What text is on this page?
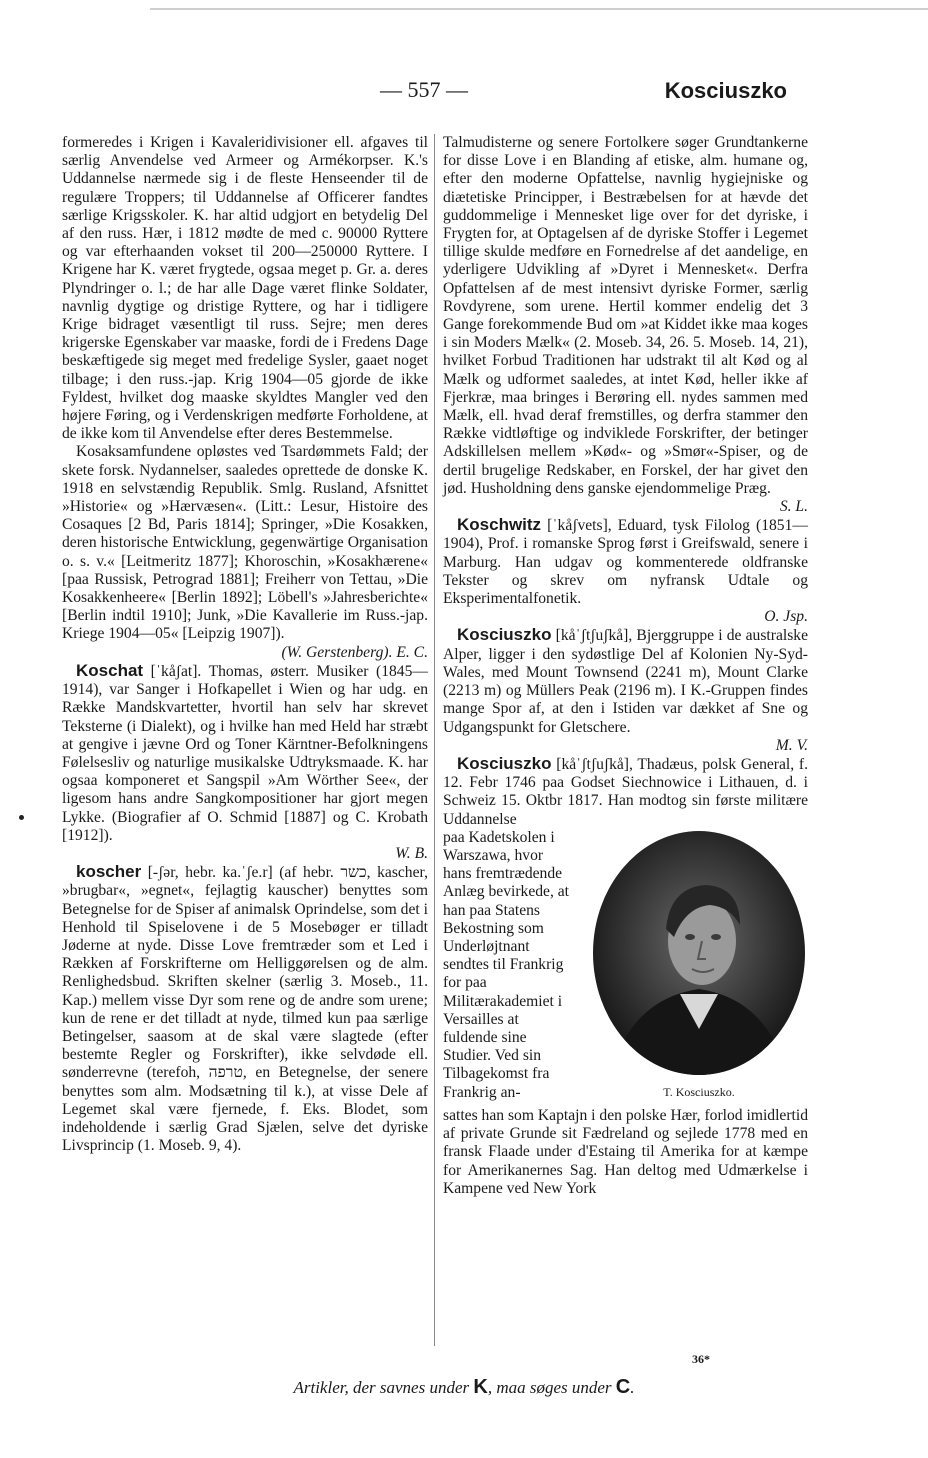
— 557 —	Kosciuszko

formeredes i Krigen i Kavaleridivisioner ell. afgaves til særlig Anvendelse ved Armeer og Armékorpser. K.'s Uddannelse nærmede sig i de fleste Henseender til de regulære Troppers; til Uddannelse af Officerer fandtes særlige Krigsskoler. K. har altid udgjort en betydelig Del af den russ. Hær, i 1812 mødte de med c. 90000 Ryttere og var efterhaanden vokset til 200—250000 Ryttere. I Krigene har K. været frygtede, ogsaa meget p. Gr. a. deres Plyndringer o. l.; de har alle Dage været flinke Soldater, navnlig dygtige og dristige Ryttere, og har i tidligere Krige bidraget væsentligt til russ. Sejre; men deres krigerske Egenskaber var maaske, fordi de i Fredens Dage beskæftigede sig meget med fredelige Sysler, gaaet noget tilbage; i den russ.-jap. Krig 1904—05 gjorde de ikke Fyldest, hvilket dog maaske skyldtes Mangler ved den højere Føring, og i Verdenskrigen medførte Forholdene, at de ikke kom til Anvendelse efter deres Bestemmelse.

Kosaksamfundene opløstes ved Tsardømmets Fald; der skete forsk. Nydannelser, saaledes oprettede de donske K. 1918 en selvstændig Republik. Smlg. Rusland, Afsnittet »Historie« og »Hærvæsen«. (Litt.: Lesur, Histoire des Cosaques [2 Bd, Paris 1814]; Springer, »Die Kosakken, deren historische Entwicklung, gegenwärtige Organisation o. s. v.« [Leitmeritz 1877]; Khoroschin, »Kosakhærene« [paa Russisk, Petrograd 1881]; Freiherr von Tettau, »Die Kosakkenheere« [Berlin 1892]; Löbell's »Jahresberichte« [Berlin indtil 1910]; Junk, »Die Kavallerie im Russ.-jap. Kriege 1904—05« [Leipzig 1907]).

(W. Gerstenberg). E. C.

Koschat [ˈkåʃat]. Thomas, østerr. Musiker (1845—1914), var Sanger i Hofkapellet i Wien og har udg. en Række Mandskvartetter, hvortil han selv har skrevet Teksterne (i Dialekt), og i hvilke han med Held har stræbt at gengive i jævne Ord og Toner Kärntner-Befolkningens Følelsesliv og naturlige musikalske Udtryksmaade. K. har ogsaa komponeret et Sangspil »Am Wörther See«, der ligesom hans andre Sangkompositioner har gjort megen Lykke. (Biografier af O. Schmid [1887] og C. Krobath [1912]).

W. B.

koscher [-ʃər, hebr. ka.ˈʃe.r] (af hebr. כשר, kascher, »brugbar«, »egnet«, fejlagtig kauscher) benyttes som Betegnelse for de Spiser af animalsk Oprindelse, som det i Henhold til Spiselovene i de 5 Mosebøger er tilladt Jøderne at nyde. Disse Love fremtræder som et Led i Rækken af Forskrifterne om Helliggørelsen og de alm. Renlighedsbud. Skriften skelner (særlig 3. Moseb., 11. Kap.) mellem visse Dyr som rene og de andre som urene; kun de rene er det tilladt at nyde, tilmed kun paa særlige Betingelser, saasom at de skal være slagtede (efter bestemte Regler og Forskrifter), ikke selvdøde ell. sønderrevne (terefoh, טרפה, en Betegnelse, der senere benyttes som alm. Modsætning til k.), at visse Dele af Legemet skal være fjernede, f. Eks. Blodet, som indeholdende i særlig Grad Sjælen, selve det dyriske Livsprincip (1. Moseb. 9, 4).

Talmudisterne og senere Fortolkere søger Grundtankerne for disse Love i en Blanding af etiske, alm. humane og, efter den moderne Opfattelse, navnlig hygiejniske og diætetiske Principper, i Bestræbelsen for at hævde det guddommelige i Mennesket lige over for det dyriske, i Frygten for, at Optagelsen af de dyriske Stoffer i Legemet tillige skulde medføre en Fornedrelse af det aandelige, en yderligere Udvikling af »Dyret i Mennesket«. Derfra Opfattelsen af de mest intensivt dyriske Former, særlig Rovdyrene, som urene. Hertil kommer endelig det 3 Gange forekommende Bud om »at Kiddet ikke maa koges i sin Moders Mælk« (2. Moseb. 34, 26. 5. Moseb. 14, 21), hvilket Forbud Traditionen har udstrakt til alt Kød og al Mælk og udformet saaledes, at intet Kød, heller ikke af Fjerkræ, maa bringes i Berøring ell. nydes sammen med Mælk, ell. hvad deraf fremstilles, og derfra stammer den Række vidtløftige og indviklede Forskrifter, der betinger Adskillelsen mellem »Kød«- og »Smør«-Spiser, og de dertil brugelige Redskaber, en Forskel, der har givet den jød. Husholdning dens ganske ejendommelige Præg.

S. L.

Koschwitz [ˈkåʃvets], Eduard, tysk Filolog (1851—1904), Prof. i romanske Sprog først i Greifswald, senere i Marburg. Han udgav og kommenterede oldfranske Tekster og skrev om nyfransk Udtale og Eksperimentalfonetik.

O. Jsp.

Kosciuszko [kåˈʃtʃuʃkå], Bjerggruppe i de australske Alper, ligger i den sydøstlige Del af Kolonien Ny-Syd-Wales, med Mount Townsend (2241 m), Mount Clarke (2213 m) og Müllers Peak (2196 m). I K.-Gruppen findes mange Spor af, at den i Istiden var dækket af Sne og Udgangspunkt for Gletschere.

M. V.

Kosciuszko [kåˈʃtʃuʃkå], Thadæus, polsk General, f. 12. Febr 1746 paa Godset Siechnowice i Lithauen, d. i Schweiz 15. Oktbr 1817. Han modtog sin første militære Uddannelse

T. Kosciuszko.
paa Kadetskolen i Warszawa, hvor hans fremtrædende Anlæg bevirkede, at han paa Statens Bekostning som Underløjtnant sendtes til Frankrig for paa Militærakademiet i Versailles at fuldende sine Studier. Ved sin Tilbagekomst fra Frankrig an-

sattes han som Kaptajn i den polske Hær, forlod imidlertid af private Grunde sit Fædreland og sejlede 1778 med en fransk Flaade under d'Estaing til Amerika for at kæmpe for Amerikanernes Sag. Han deltog med Udmærkelse i Kampene ved New York

36*
Artikler, der savnes under K, maa søges under C.
